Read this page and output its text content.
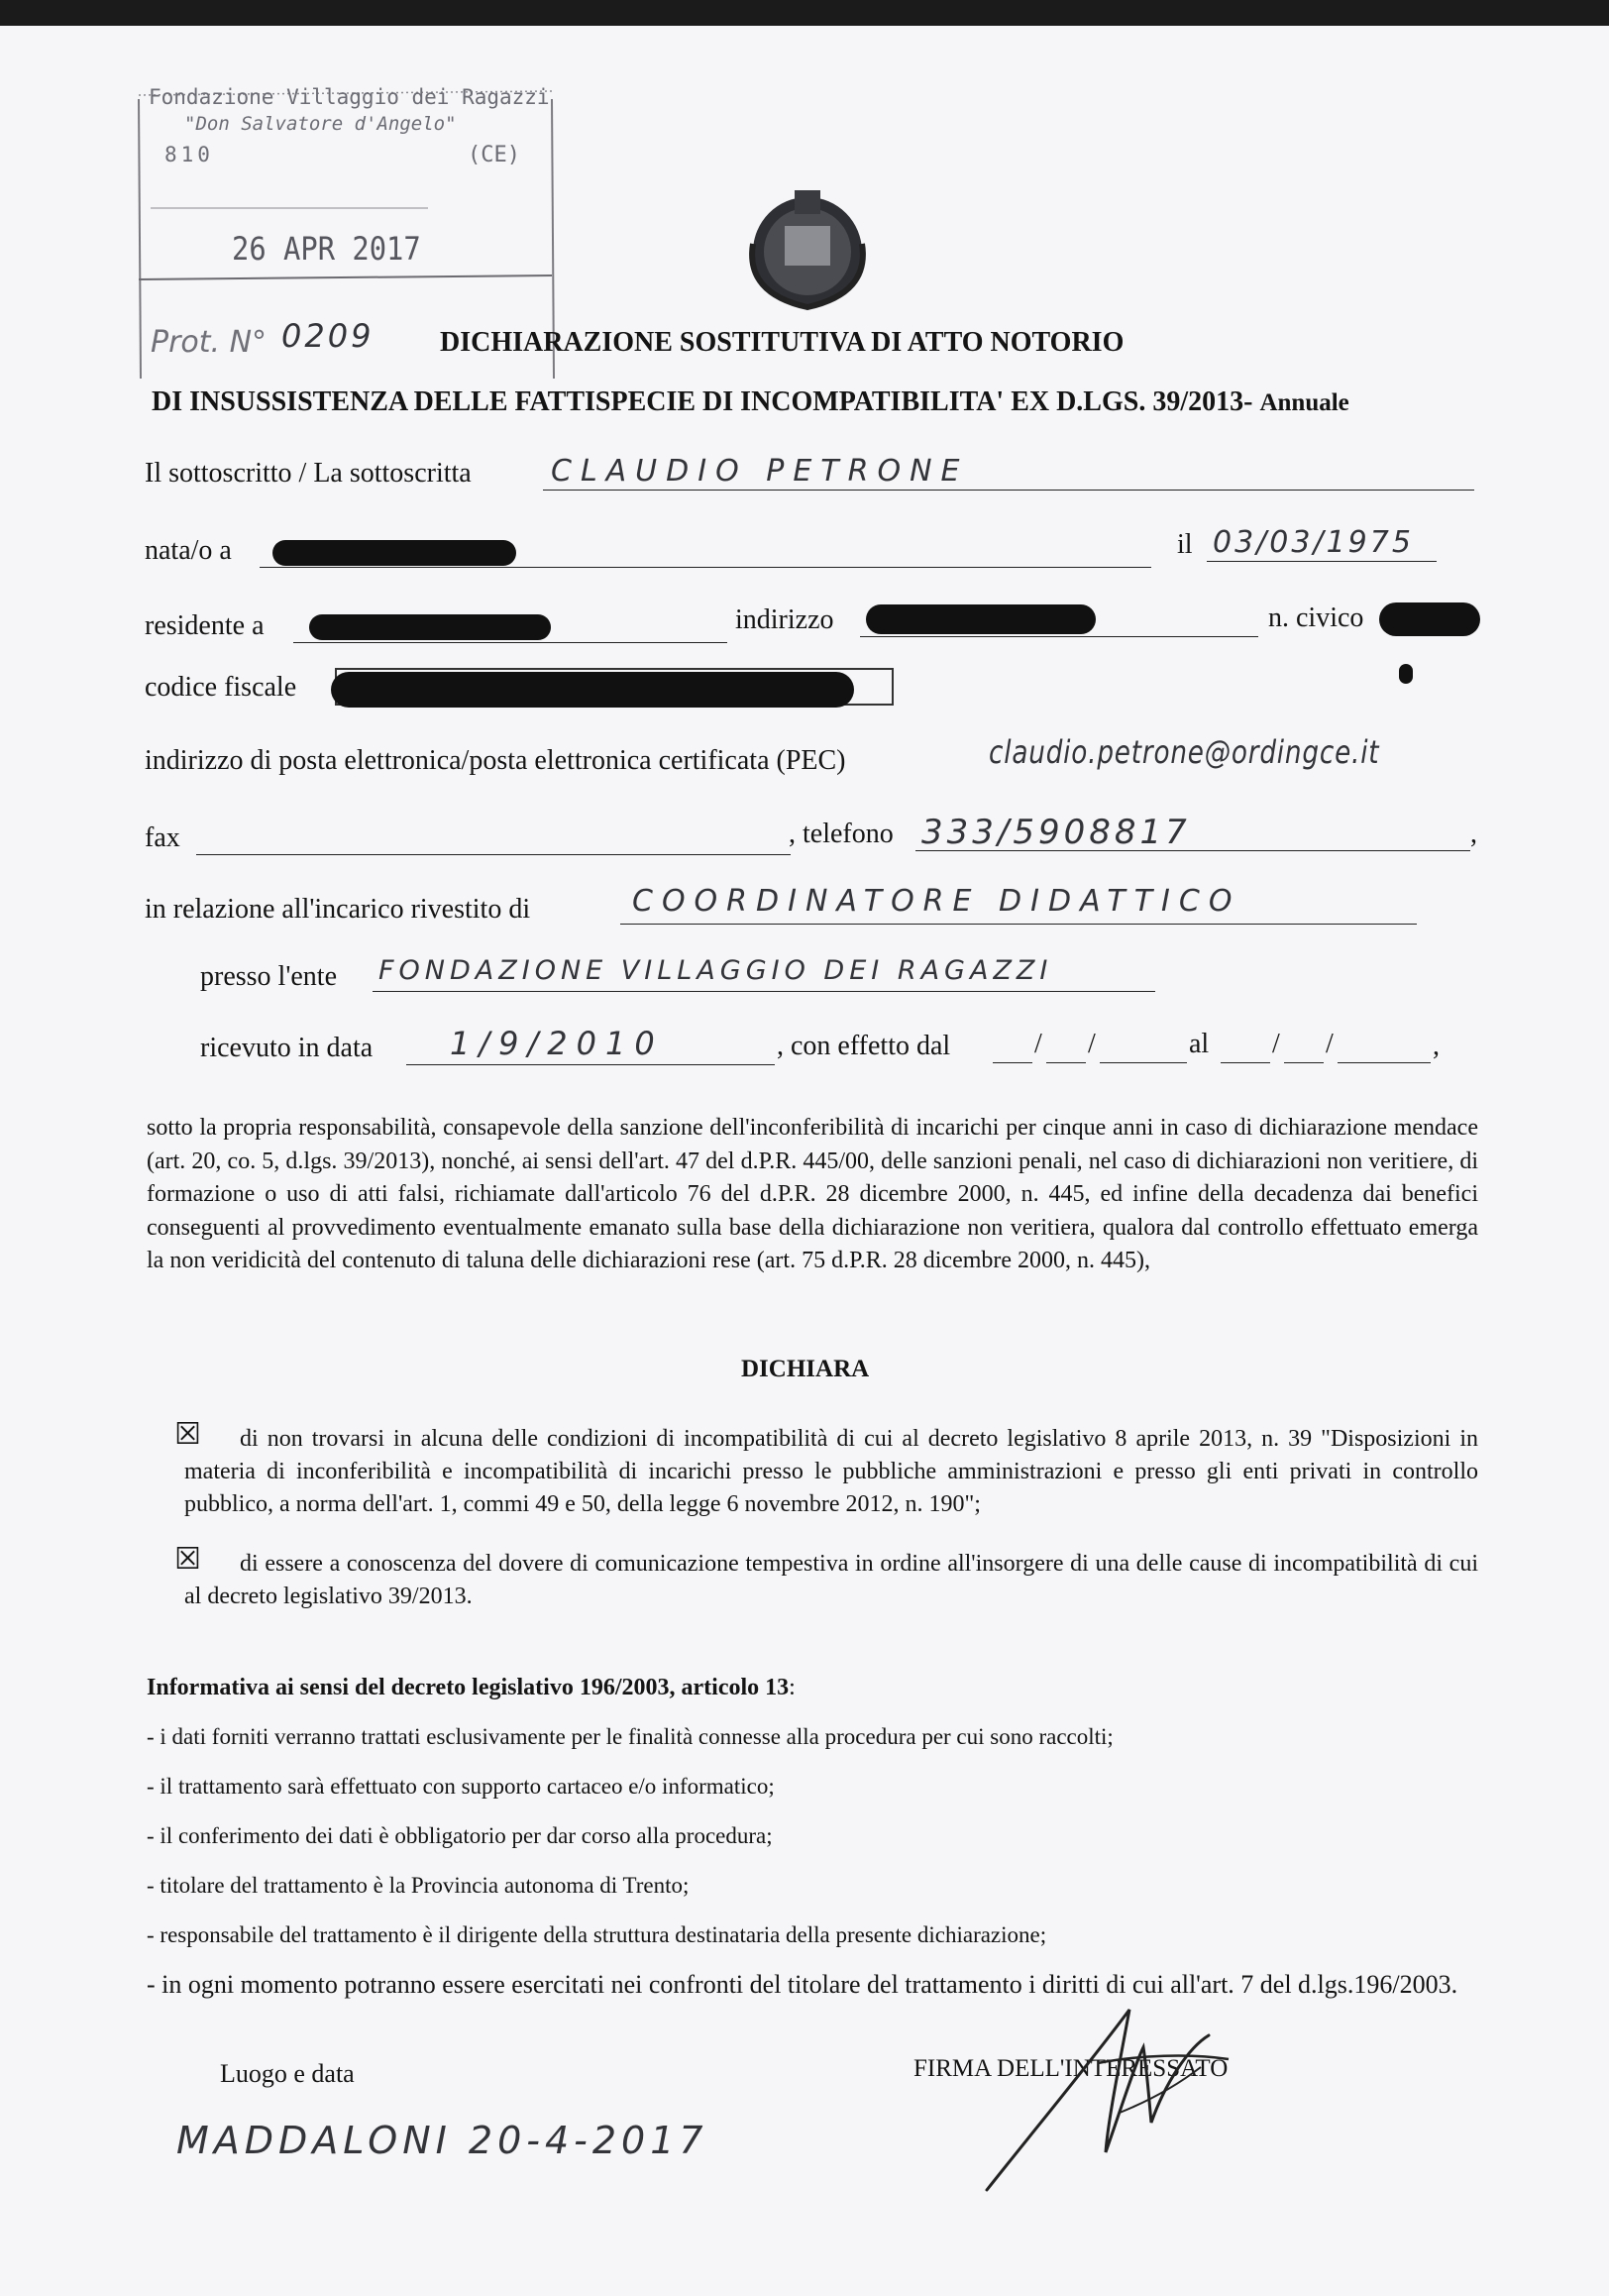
Fondazione Villaggio dei Ragazzi
"Don Salvatore d'Angelo"
810	(CE)
26 APR 2017
Prot. N° 0209 DICHIARAZIONE SOSTITUTIVA DI ATTO NOTORIO
DI INSUSSISTENZA DELLE FATTISPECIE DI INCOMPATIBILITA' EX D.LGS. 39/2013- Annuale
Il sottoscritto / La sottoscritta	CLAUDIO PETRONE
nata/o a	il 03/03/1975
residente a	indirizzo	n. civico
codice fiscale
indirizzo di posta elettronica/posta elettronica certificata (PEC)	claudio.petrone@ordingce.it
fax	, telefono 333/5908817	,
in relazione all'incarico rivestito di	COORDINATORE DIDATTICO
presso l'ente FONDAZIONE VILLAGGIO DEI RAGAZZI
ricevuto in data 1/9/2010	, con effetto dal	/ /	al / /	,
sotto la propria responsabilità, consapevole della sanzione dell'inconferibilità di incarichi per cinque anni in caso di dichiarazione mendace (art. 20, co. 5, d.lgs. 39/2013), nonché, ai sensi dell'art. 47 del d.P.R. 445/00, delle sanzioni penali, nel caso di dichiarazioni non veritiere, di formazione o uso di atti falsi, richiamate dall'articolo 76 del d.P.R. 28 dicembre 2000, n. 445, ed infine della decadenza dai benefici conseguenti al provvedimento eventualmente emanato sulla base della dichiarazione non veritiera, qualora dal controllo effettuato emerga la non veridicità del contenuto di taluna delle dichiarazioni rese (art. 75 d.P.R. 28 dicembre 2000, n. 445),
DICHIARA
☒	di non trovarsi in alcuna delle condizioni di incompatibilità di cui al decreto legislativo 8 aprile 2013, n. 39 "Disposizioni in materia di inconferibilità e incompatibilità di incarichi presso le pubbliche amministrazioni e presso gli enti privati in controllo pubblico, a norma dell'art. 1, commi 49 e 50, della legge 6 novembre 2012, n. 190";
☒	di essere a conoscenza del dovere di comunicazione tempestiva in ordine all'insorgere di una delle cause di incompatibilità di cui al decreto legislativo 39/2013.
Informativa ai sensi del decreto legislativo 196/2003, articolo 13:
- i dati forniti verranno trattati esclusivamente per le finalità connesse alla procedura per cui sono raccolti;
- il trattamento sarà effettuato con supporto cartaceo e/o informatico;
- il conferimento dei dati è obbligatorio per dar corso alla procedura;
- titolare del trattamento è la Provincia autonoma di Trento;
- responsabile del trattamento è il dirigente della struttura destinataria della presente dichiarazione;
- in ogni momento potranno essere esercitati nei confronti del titolare del trattamento i diritti di cui all'art. 7 del d.lgs.196/2003.
Luogo e data
MADDALONI 20-4-2017
FIRMA DELL'INTERESSATO
